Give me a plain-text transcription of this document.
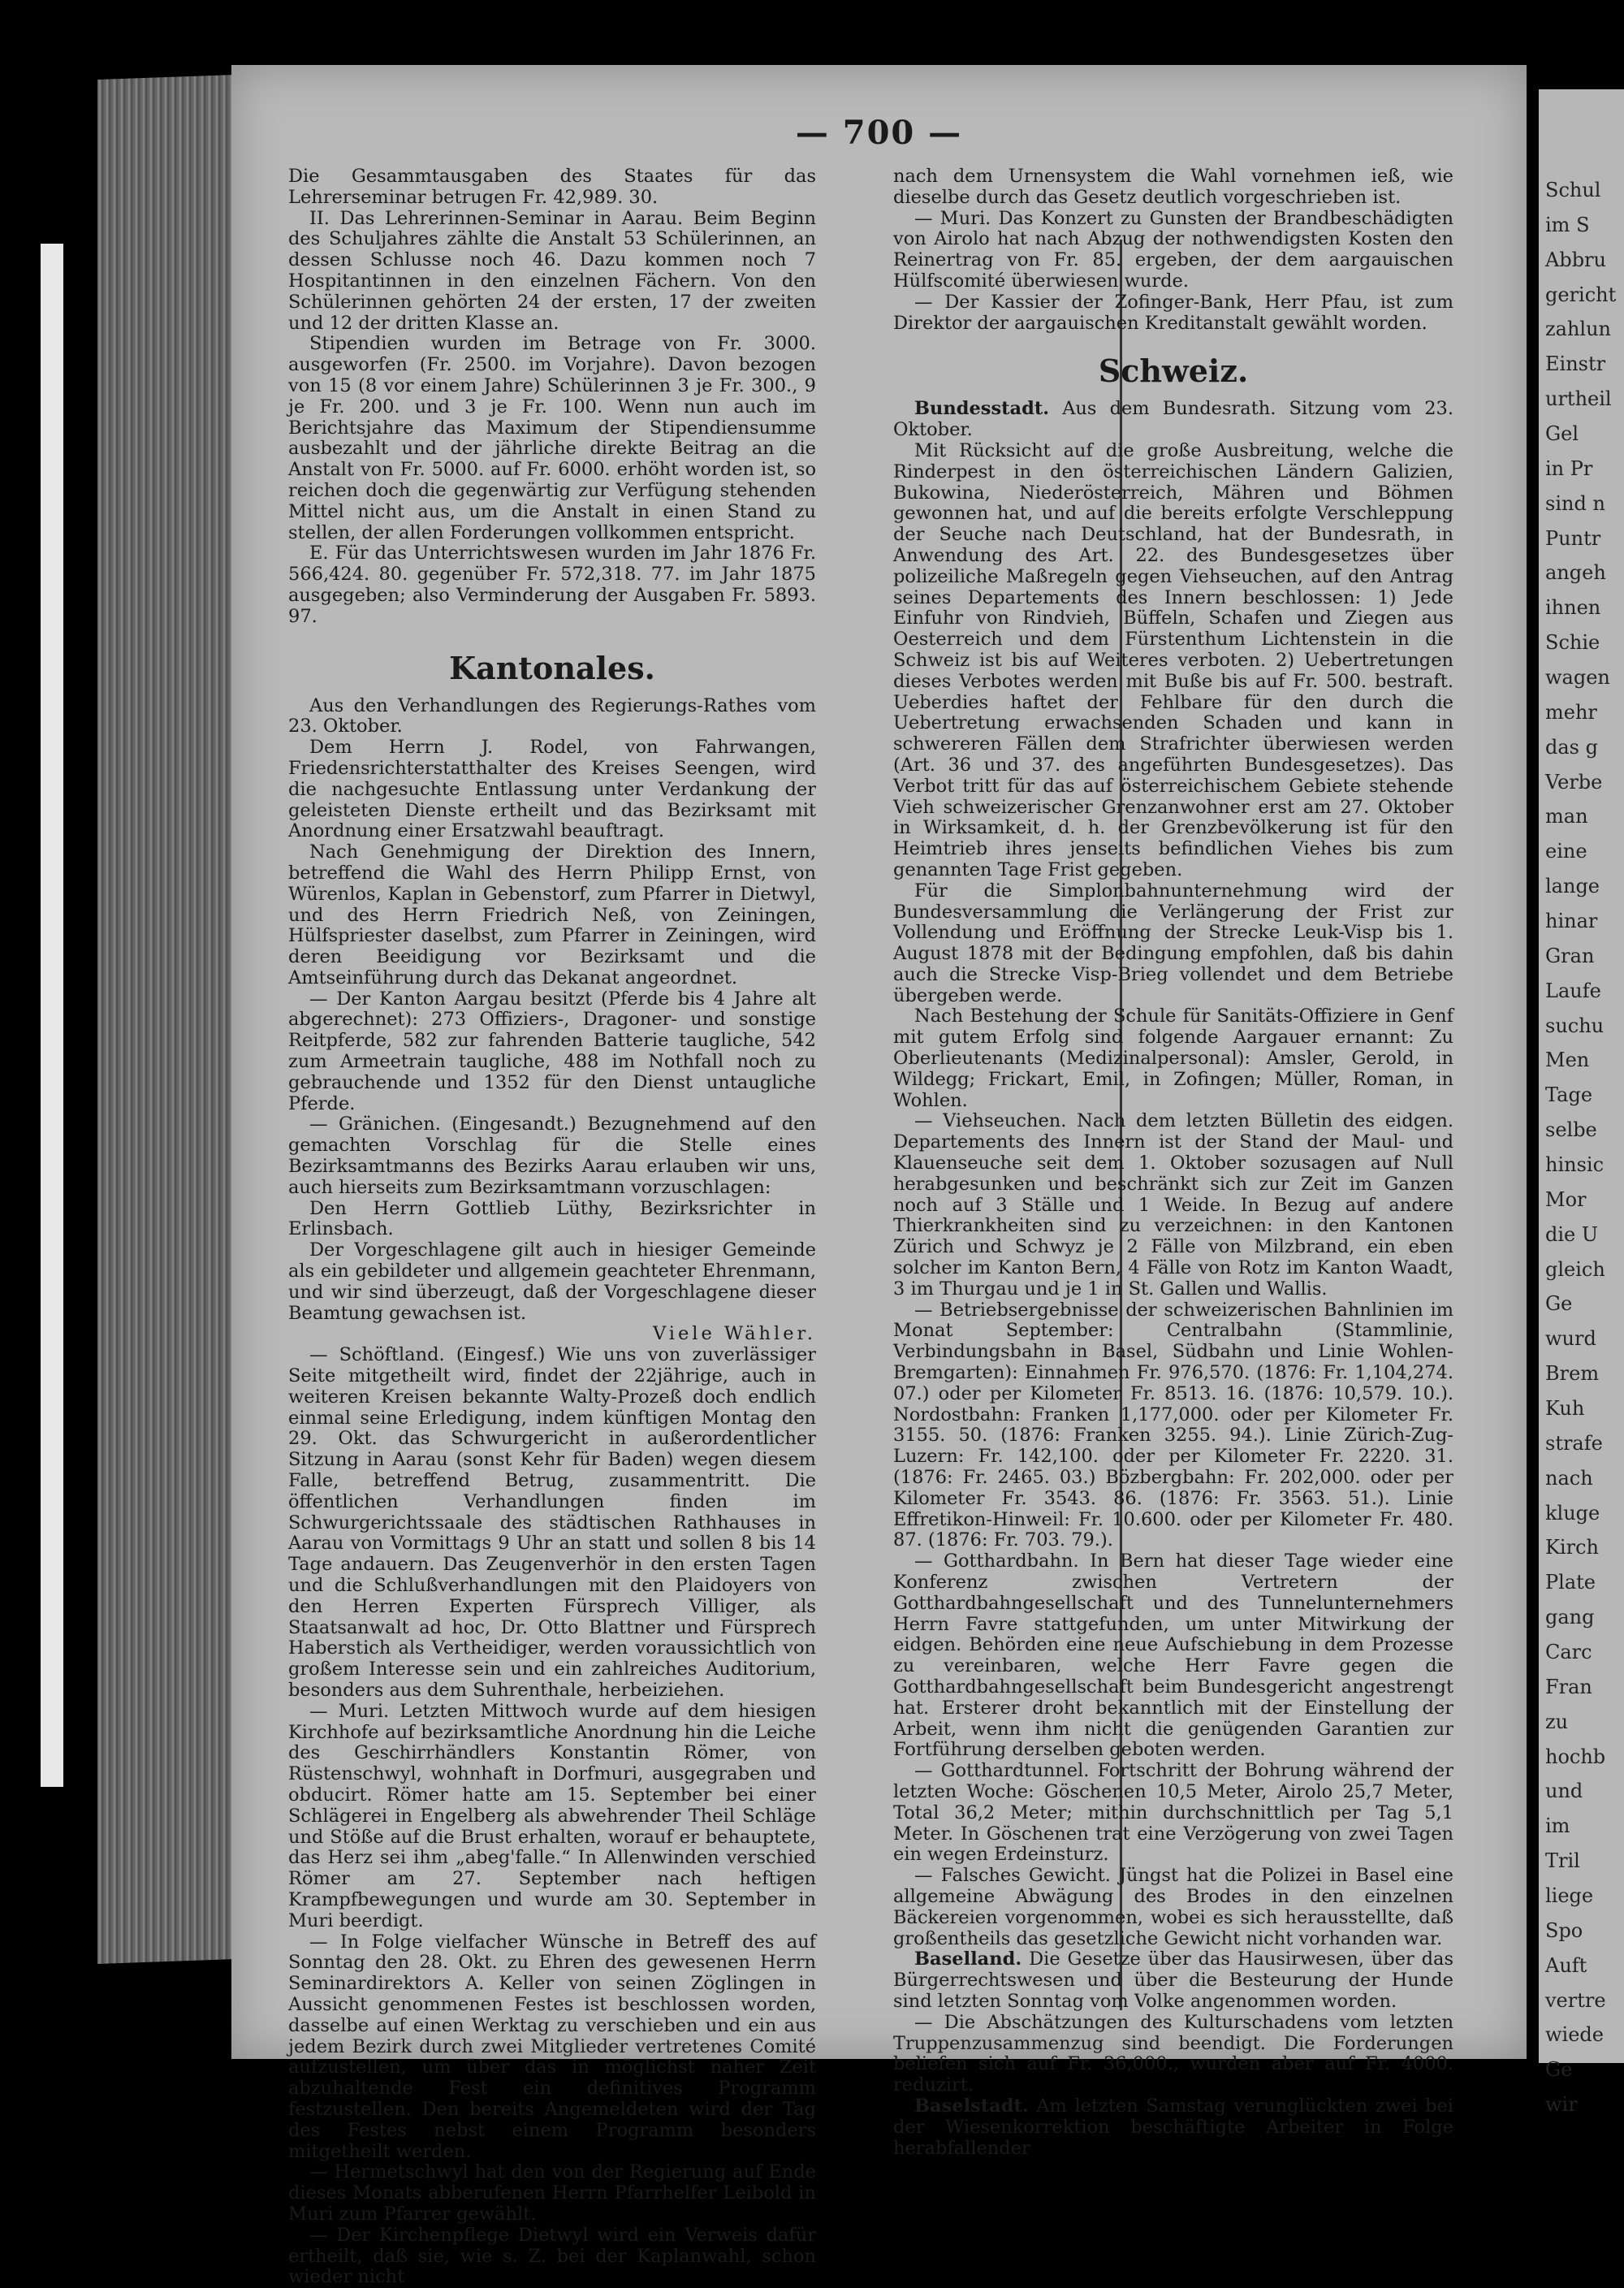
— 700 —

Die Gesammtausgaben des Staates für das Lehrerseminar betrugen Fr. 42,989. 30.

II. Das Lehrerinnen-Seminar in Aarau. Beim Beginn des Schuljahres zählte die Anstalt 53 Schülerinnen, an dessen Schlusse noch 46. Dazu kommen noch 7 Hospitantinnen in den einzelnen Fächern. Von den Schülerinnen gehörten 24 der ersten, 17 der zweiten und 12 der dritten Klasse an.

Stipendien wurden im Betrage von Fr. 3000. ausgeworfen (Fr. 2500. im Vorjahre). Davon bezogen von 15 (8 vor einem Jahre) Schülerinnen 3 je Fr. 300., 9 je Fr. 200. und 3 je Fr. 100. Wenn nun auch im Berichtsjahre das Maximum der Stipendiensumme ausbezahlt und der jährliche direkte Beitrag an die Anstalt von Fr. 5000. auf Fr. 6000. erhöht worden ist, so reichen doch die gegenwärtig zur Verfügung stehenden Mittel nicht aus, um die Anstalt in einen Stand zu stellen, der allen Forderungen vollkommen entspricht.

E. Für das Unterrichtswesen wurden im Jahr 1876 Fr. 566,424. 80. gegenüber Fr. 572,318. 77. im Jahr 1875 ausgegeben; also Verminderung der Ausgaben Fr. 5893. 97.

Kantonales.

Aus den Verhandlungen des Regierungs-Rathes vom 23. Oktober.

Dem Herrn J. Rodel, von Fahrwangen, Friedensrichterstatthalter des Kreises Seengen, wird die nachgesuchte Entlassung unter Verdankung der geleisteten Dienste ertheilt und das Bezirksamt mit Anordnung einer Ersatzwahl beauftragt.

Nach Genehmigung der Direktion des Innern, betreffend die Wahl des Herrn Philipp Ernst, von Würenlos, Kaplan in Gebenstorf, zum Pfarrer in Dietwyl, und des Herrn Friedrich Neß, von Zeiningen, Hülfspriester daselbst, zum Pfarrer in Zeiningen, wird deren Beeidigung vor Bezirksamt und die Amtseinführung durch das Dekanat angeordnet.

— Der Kanton Aargau besitzt (Pferde bis 4 Jahre alt abgerechnet): 273 Offiziers-, Dragoner- und sonstige Reitpferde, 582 zur fahrenden Batterie taugliche, 542 zum Armeetrain taugliche, 488 im Nothfall noch zu gebrauchende und 1352 für den Dienst untaugliche Pferde.

— Gränichen. (Eingesandt.) Bezugnehmend auf den gemachten Vorschlag für die Stelle eines Bezirksamtmanns des Bezirks Aarau erlauben wir uns, auch hierseits zum Bezirksamtmann vorzuschlagen:

Den Herrn Gottlieb Lüthy, Bezirksrichter in Erlinsbach.

Der Vorgeschlagene gilt auch in hiesiger Gemeinde als ein gebildeter und allgemein geachteter Ehrenmann, und wir sind überzeugt, daß der Vorgeschlagene dieser Beamtung gewachsen ist.

Viele Wähler.

— Schöftland. (Eingesf.) Wie uns von zuverlässiger Seite mitgetheilt wird, findet der 22jährige, auch in weiteren Kreisen bekannte Walty-Prozeß doch endlich einmal seine Erledigung, indem künftigen Montag den 29. Okt. das Schwurgericht in außerordentlicher Sitzung in Aarau (sonst Kehr für Baden) wegen diesem Falle, betreffend Betrug, zusammentritt. Die öffentlichen Verhandlungen finden im Schwurgerichtssaale des städtischen Rathhauses in Aarau von Vormittags 9 Uhr an statt und sollen 8 bis 14 Tage andauern. Das Zeugenverhör in den ersten Tagen und die Schlußverhandlungen mit den Plaidoyers von den Herren Experten Fürsprech Villiger, als Staatsanwalt ad hoc, Dr. Otto Blattner und Fürsprech Haberstich als Vertheidiger, werden voraussichtlich von großem Interesse sein und ein zahlreiches Auditorium, besonders aus dem Suhrenthale, herbeiziehen.

— Muri. Letzten Mittwoch wurde auf dem hiesigen Kirchhofe auf bezirksamtliche Anordnung hin die Leiche des Geschirrhändlers Konstantin Römer, von Rüstenschwyl, wohnhaft in Dorfmuri, ausgegraben und obducirt. Römer hatte am 15. September bei einer Schlägerei in Engelberg als abwehrender Theil Schläge und Stöße auf die Brust erhalten, worauf er behauptete, das Herz sei ihm „abeg'falle.“ In Allenwinden verschied Römer am 27. September nach heftigen Krampfbewegungen und wurde am 30. September in Muri beerdigt.

— In Folge vielfacher Wünsche in Betreff des auf Sonntag den 28. Okt. zu Ehren des gewesenen Herrn Seminardirektors A. Keller von seinen Zöglingen in Aussicht genommenen Festes ist beschlossen worden, dasselbe auf einen Werktag zu verschieben und ein aus jedem Bezirk durch zwei Mitglieder vertretenes Comité aufzustellen, um über das in möglichst naher Zeit abzuhaltende Fest ein definitives Programm festzustellen. Den bereits Angemeldeten wird der Tag des Festes nebst einem Programm besonders mitgetheilt werden.

— Hermetschwyl hat den von der Regierung auf Ende dieses Monats abberufenen Herrn Pfarrhelfer Leibold in Muri zum Pfarrer gewählt.

— Der Kirchenpflege Dietwyl wird ein Verweis dafür ertheilt, daß sie, wie s. Z. bei der Kaplanwahl, schon wieder nicht

nach dem Urnensystem die Wahl vornehmen ieß, wie dieselbe durch das Gesetz deutlich vorgeschrieben ist.

— Muri. Das Konzert zu Gunsten der Brandbeschädigten von Airolo hat nach Abzug der nothwendigsten Kosten den Reinertrag von Fr. 85. ergeben, der dem aargauischen Hülfscomité überwiesen wurde.

— Der Kassier der Zofinger-Bank, Herr Pfau, ist zum Direktor der aargauischen Kreditanstalt gewählt worden.

Schweiz.

Bundesstadt. Aus dem Bundesrath. Sitzung vom 23. Oktober.

Mit Rücksicht auf die große Ausbreitung, welche die Rinderpest in den österreichischen Ländern Galizien, Bukowina, Niederösterreich, Mähren und Böhmen gewonnen hat, und auf die bereits erfolgte Verschleppung der Seuche nach Deutschland, hat der Bundesrath, in Anwendung des Art. 22. des Bundesgesetzes über polizeiliche Maßregeln gegen Viehseuchen, auf den Antrag seines Departements des Innern beschlossen: 1) Jede Einfuhr von Rindvieh, Büffeln, Schafen und Ziegen aus Oesterreich und dem Fürstenthum Lichtenstein in die Schweiz ist bis auf Weiteres verboten. 2) Uebertretungen dieses Verbotes werden mit Buße bis auf Fr. 500. bestraft. Ueberdies haftet der Fehlbare für den durch die Uebertretung erwachsenden Schaden und kann in schwereren Fällen dem Strafrichter überwiesen werden (Art. 36 und 37. des angeführten Bundesgesetzes). Das Verbot tritt für das auf österreichischem Gebiete stehende Vieh schweizerischer Grenzanwohner erst am 27. Oktober in Wirksamkeit, d. h. der Grenzbevölkerung ist für den Heimtrieb ihres jenseits befindlichen Viehes bis zum genannten Tage Frist gegeben.

Für die Simplonbahnunternehmung wird der Bundesversammlung die Verlängerung der Frist zur Vollendung und Eröffnung der Strecke Leuk-Visp bis 1. August 1878 mit der Bedingung empfohlen, daß bis dahin auch die Strecke Visp-Brieg vollendet und dem Betriebe übergeben werde.

Nach Bestehung der Schule für Sanitäts-Offiziere in Genf mit gutem Erfolg sind folgende Aargauer ernannt: Zu Oberlieutenants (Medizinalpersonal): Amsler, Gerold, in Wildegg; Frickart, Emil, in Zofingen; Müller, Roman, in Wohlen.

— Viehseuchen. Nach dem letzten Bülletin des eidgen. Departements des Innern ist der Stand der Maul- und Klauenseuche seit dem 1. Oktober sozusagen auf Null herabgesunken und beschränkt sich zur Zeit im Ganzen noch auf 3 Ställe und 1 Weide. In Bezug auf andere Thierkrankheiten sind zu verzeichnen: in den Kantonen Zürich und Schwyz je 2 Fälle von Milzbrand, ein eben solcher im Kanton Bern, 4 Fälle von Rotz im Kanton Waadt, 3 im Thurgau und je 1 in St. Gallen und Wallis.

— Betriebsergebnisse der schweizerischen Bahnlinien im Monat September: Centralbahn (Stammlinie, Verbindungsbahn in Basel, Südbahn und Linie Wohlen-Bremgarten): Einnahmen Fr. 976,570. (1876: Fr. 1,104,274. 07.) oder per Kilometer Fr. 8513. 16. (1876: 10,579. 10.). Nordostbahn: Franken 1,177,000. oder per Kilometer Fr. 3155. 50. (1876: Franken 3255. 94.). Linie Zürich-Zug-Luzern: Fr. 142,100. oder per Kilometer Fr. 2220. 31. (1876: Fr. 2465. 03.) Bözbergbahn: Fr. 202,000. oder per Kilometer Fr. 3543. 86. (1876: Fr. 3563. 51.). Linie Effretikon-Hinweil: Fr. 10.600. oder per Kilometer Fr. 480. 87. (1876: Fr. 703. 79.).

— Gotthardbahn. In Bern hat dieser Tage wieder eine Konferenz zwischen Vertretern der Gotthardbahngesellschaft und des Tunnelunternehmers Herrn Favre stattgefunden, um unter Mitwirkung der eidgen. Behörden eine neue Aufschiebung in dem Prozesse zu vereinbaren, welche Herr Favre gegen die Gotthardbahngesellschaft beim Bundesgericht angestrengt hat. Ersterer droht bekanntlich mit der Einstellung der Arbeit, wenn ihm nicht die genügenden Garantien zur Fortführung derselben geboten werden.

— Gotthardtunnel. Fortschritt der Bohrung während der letzten Woche: Göschenen 10,5 Meter, Airolo 25,7 Meter, Total 36,2 Meter; mithin durchschnittlich per Tag 5,1 Meter. In Göschenen trat eine Verzögerung von zwei Tagen ein wegen Erdeinsturz.

— Falsches Gewicht. Jüngst hat die Polizei in Basel eine allgemeine Abwägung des Brodes in den einzelnen Bäckereien vorgenommen, wobei es sich herausstellte, daß großentheils das gesetzliche Gewicht nicht vorhanden war.

Baselland. Die Gesetze über das Hausirwesen, über das Bürgerrechtswesen und über die Besteurung der Hunde sind letzten Sonntag vom Volke angenommen worden.

— Die Abschätzungen des Kulturschadens vom letzten Truppenzusammenzug sind beendigt. Die Forderungen beliefen sich auf Fr. 36,000., wurden aber auf Fr. 4000. reduzirt.

Baselstadt. Am letzten Samstag verunglückten zwei bei der Wiesenkorrektion beschäftigte Arbeiter in Folge herabfallender

Schul
im S
Abbru
gericht
zahlun
Einstr
urtheil
Gel
in Pr
sind n
Puntr
angeh
ihnen
Schie
wagen
mehr
das g
Verbe
man
eine
lange
hinar
Gran
Laufe
suchu
Men
Tage
selbe
hinsic
Mor
die U
gleich
Ge
wurd
Brem
Kuh
strafe
nach
kluge
Kirch
Plate
gang
Carc
Fran
zu
hochb
und
im
Tril
liege
Spo
Auft
vertre
wiede
Ge
wir
